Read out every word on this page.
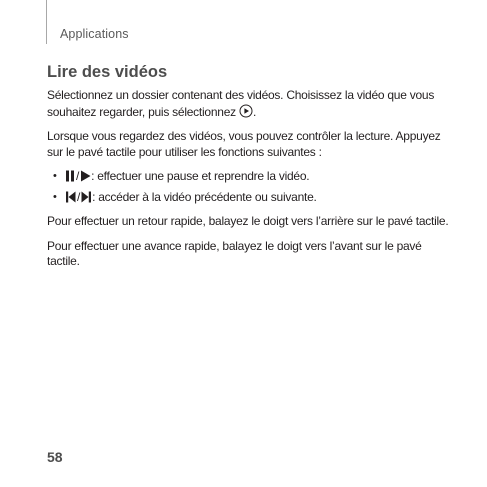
Applications
Lire des vidéos

Sélectionnez un dossier contenant des vidéos. Choisissez la vidéo que vous souhaitez regarder, puis sélectionnez .

Lorsque vous regardez des vidéos, vous pouvez contrôler la lecture. Appuyez sur le pavé tactile pour utiliser les fonctions suivantes :

• / : effectuer une pause et reprendre la vidéo.
• / : accéder à la vidéo précédente ou suivante.

Pour effectuer un retour rapide, balayez le doigt vers l’arrière sur le pavé tactile.

Pour effectuer une avance rapide, balayez le doigt vers l’avant sur le pavé tactile.

58
